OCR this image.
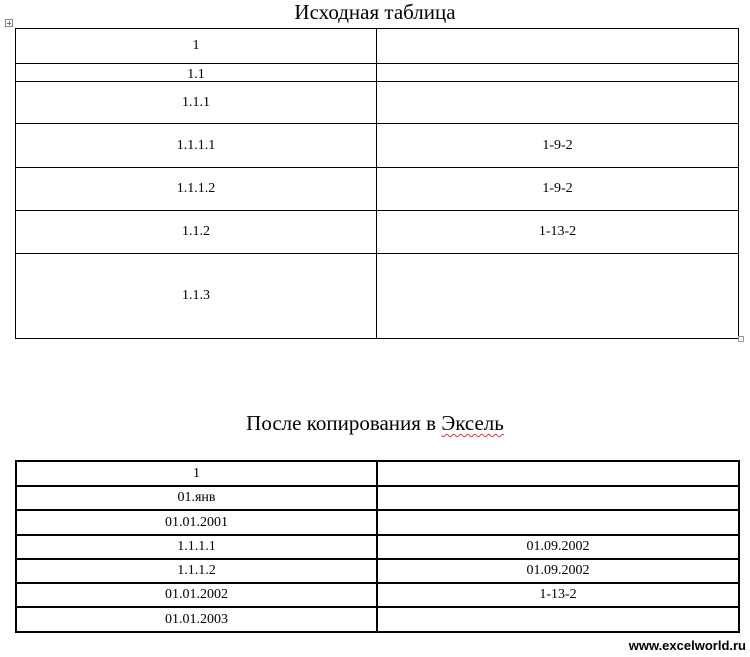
Исходная таблица
1	
1.1	
1.1.1	
1.1.1.1	1-9-2
1.1.1.2	1-9-2
1.1.2	1-13-2
1.1.3	
После копирования в Эксель
1	
01.янв	
01.01.2001	
1.1.1.1	01.09.2002
1.1.1.2	01.09.2002
01.01.2002	1-13-2
01.01.2003	
www.excelworld.ru
